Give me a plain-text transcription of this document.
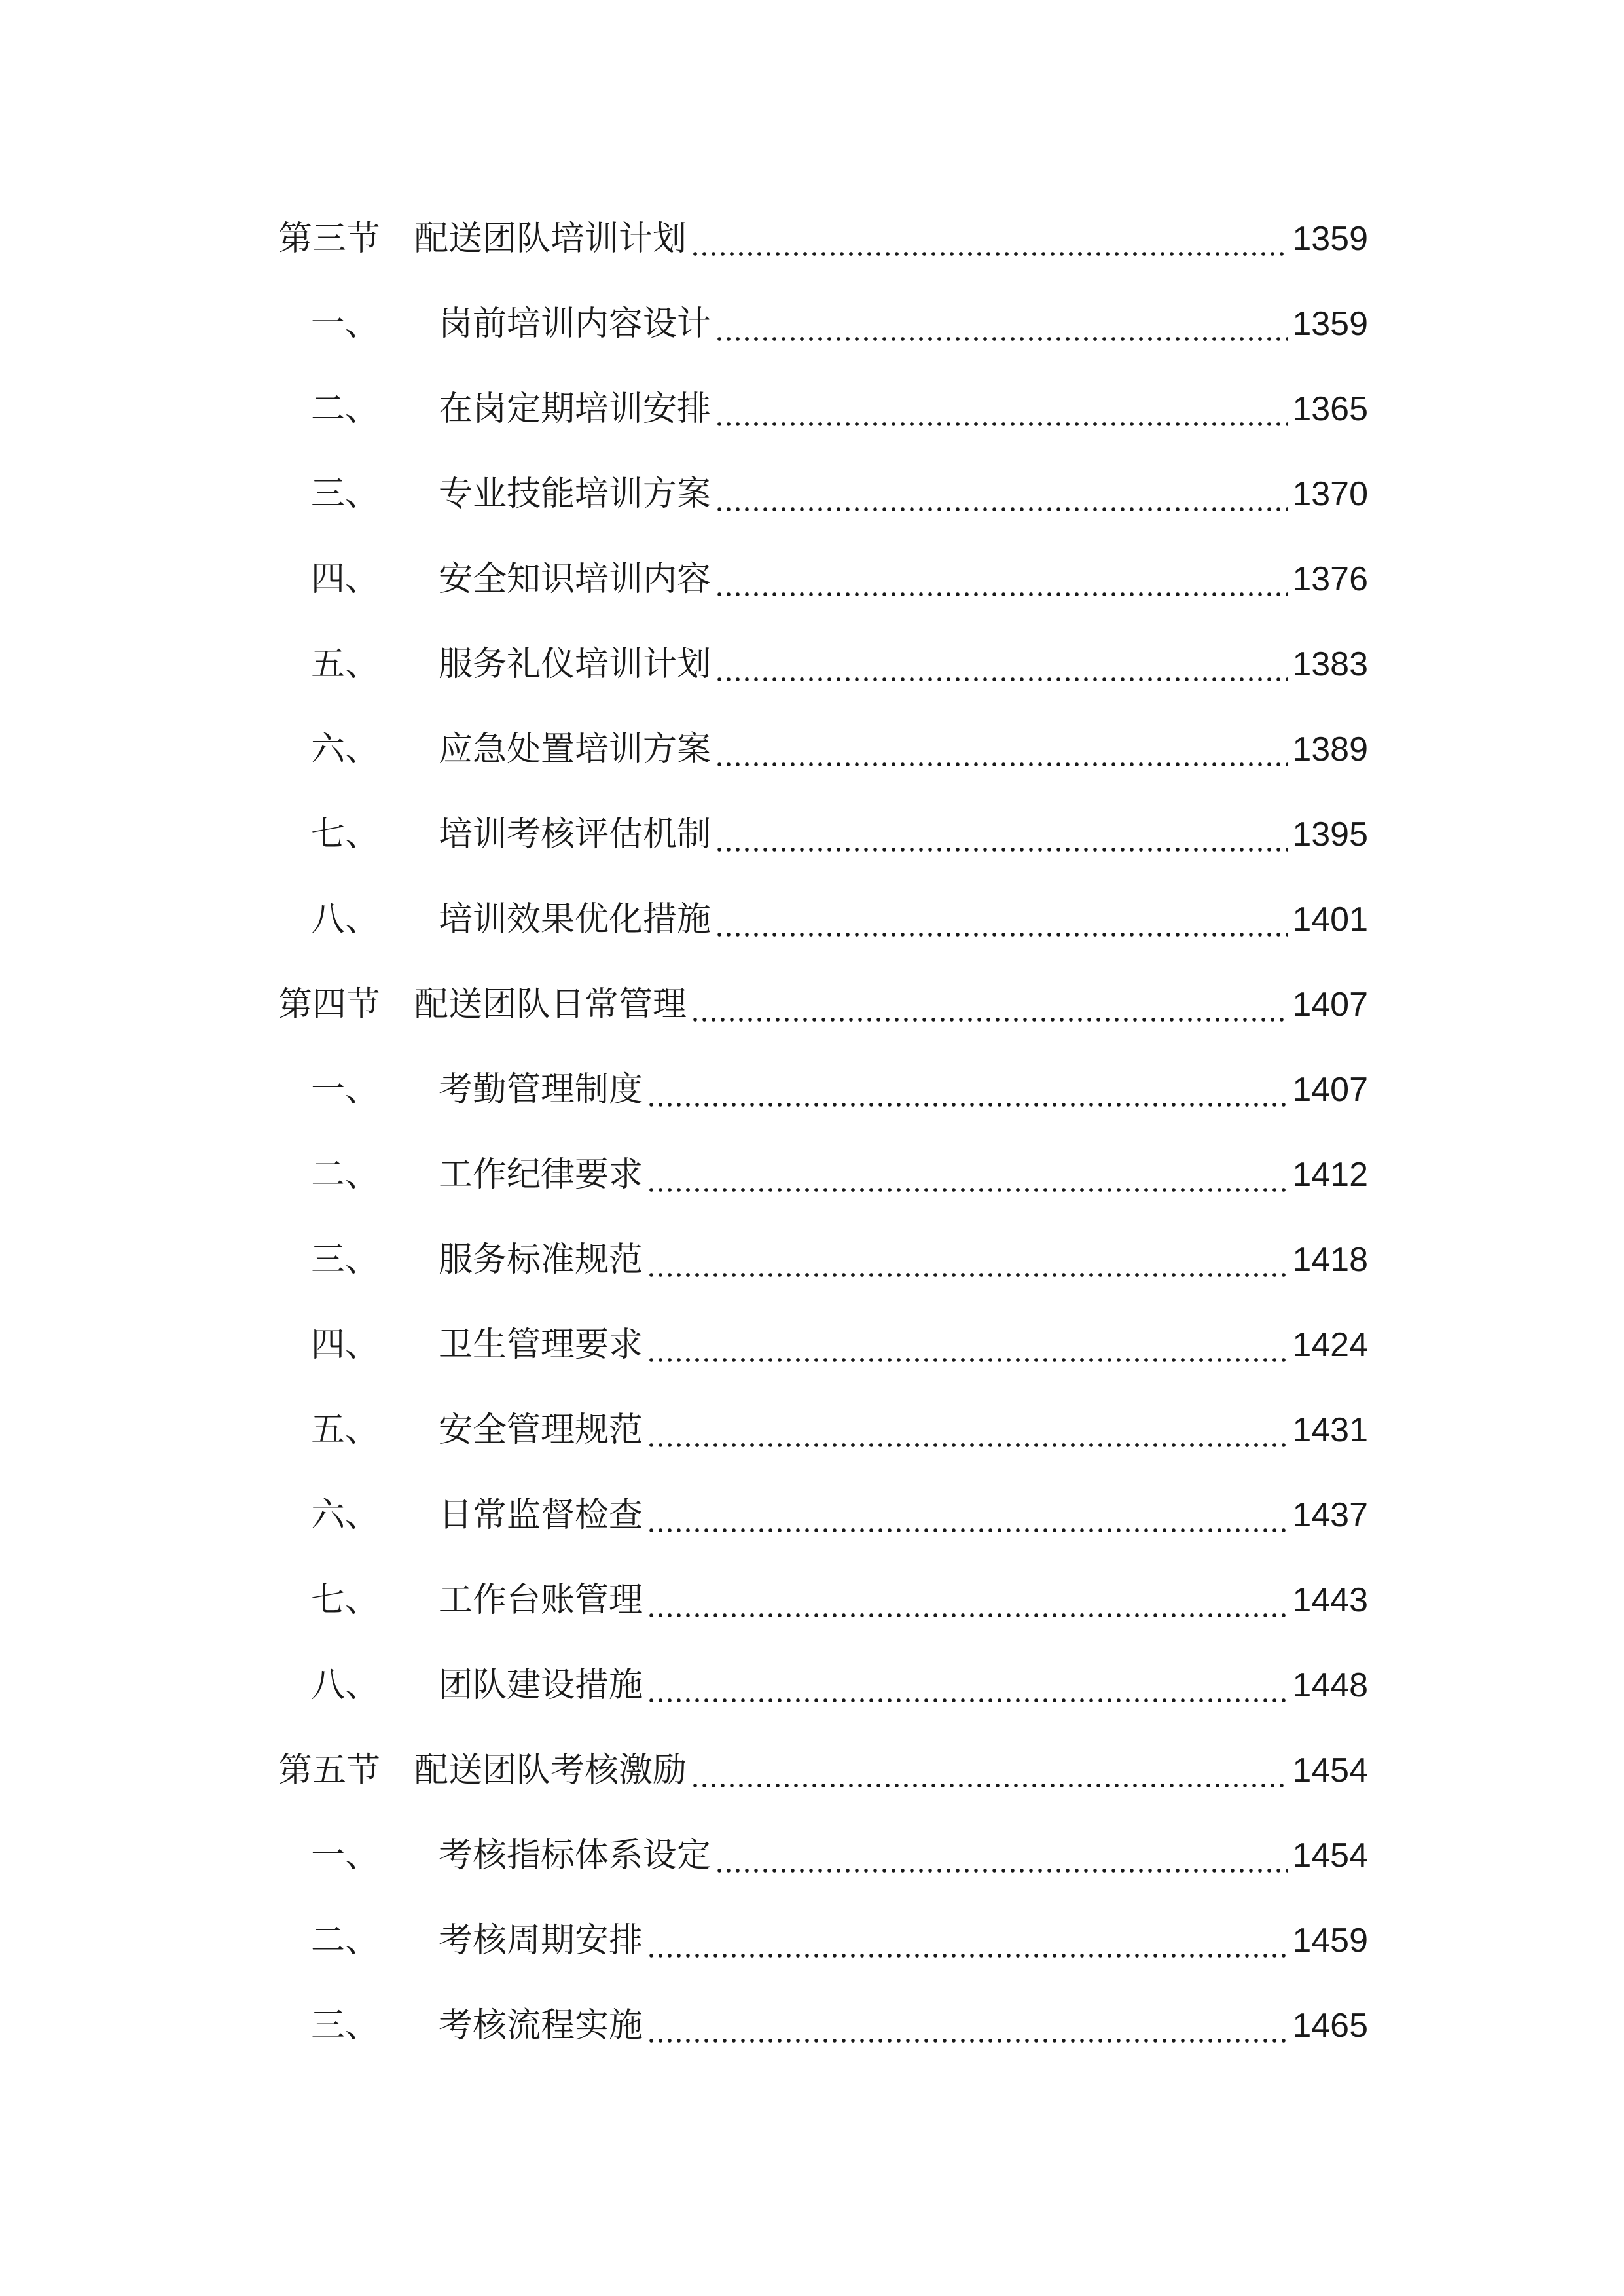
第三节 配送团队培训计划	1359
一、	岗前培训内容设计	1359
二、	在岗定期培训安排	1365
三、	专业技能培训方案	1370
四、	安全知识培训内容	1376
五、	服务礼仪培训计划	1383
六、	应急处置培训方案	1389
七、	培训考核评估机制	1395
八、	培训效果优化措施	1401
第四节 配送团队日常管理	1407
一、	考勤管理制度	1407
二、	工作纪律要求	1412
三、	服务标准规范	1418
四、	卫生管理要求	1424
五、	安全管理规范	1431
六、	日常监督检查	1437
七、	工作台账管理	1443
八、	团队建设措施	1448
第五节 配送团队考核激励	1454
一、	考核指标体系设定	1454
二、	考核周期安排	1459
三、	考核流程实施	1465
